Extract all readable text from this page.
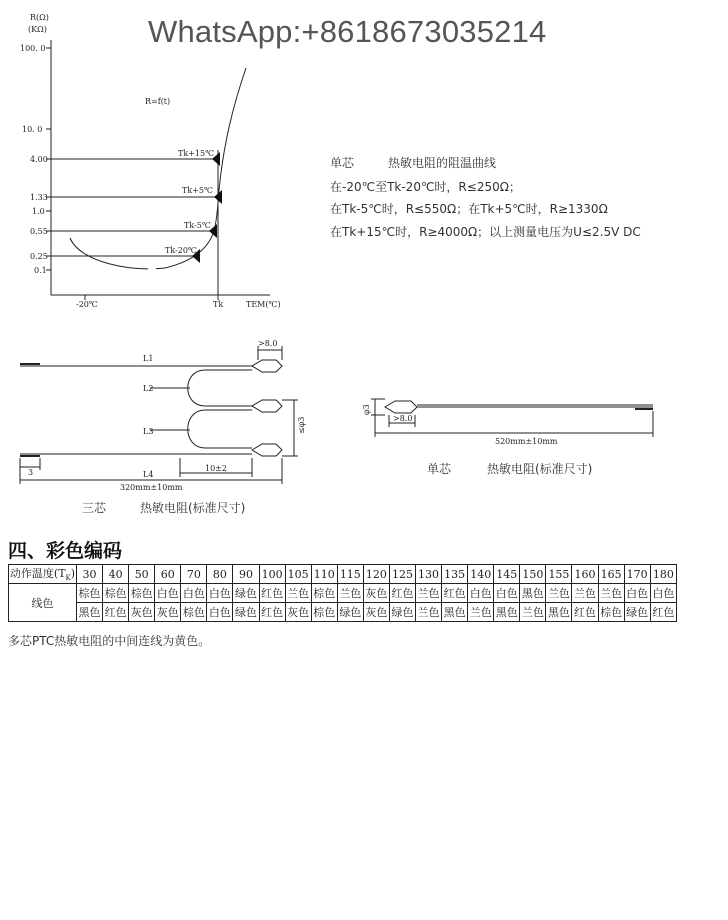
WhatsApp:+8618673035214
R(Ω)
(KΩ)
100. 0
10. 0
4.00
1.33
1.0
0.55
0.25
0.1
-20℃	Tk	TEM(℃)
R=f(t)
Tk+15℃
Tk+5℃
Tk-5℃
Tk-20℃
单芯	热敏电阻的阻温曲线
在-20℃至Tk-20℃时，R≤250Ω；
在Tk-5℃时，R≤550Ω；在Tk+5℃时，R≥1330Ω
在Tk+15℃时，R≥4000Ω；以上测量电压为U≤2.5V DC
L1
L2
L3
L4
>8.0
≤φ3
3	10±2
320mm±10mm
三芯	热敏电阻(标准尺寸)
φ3
>8.0
520mm±10mm
单芯	热敏电阻(标准尺寸)
四、彩色编码
动作温度$(T_K)$	30	40	50	60	70	80	90	100	105	110	115	120	125	130	135	140	145	150	155	160	165	170	180
线色	棕色	棕色	棕色	白色	白色	白色	绿色	红色	兰色	棕色	兰色	灰色	红色	兰色	红色	白色	白色	黑色	兰色	兰色	兰色	白色	白色
	黑色	红色	灰色	灰色	棕色	白色	绿色	红色	灰色	棕色	绿色	灰色	绿色	兰色	黑色	兰色	黑色	兰色	黑色	红色	棕色	绿色	红色
多芯PTC热敏电阻的中间连线为黄色。
